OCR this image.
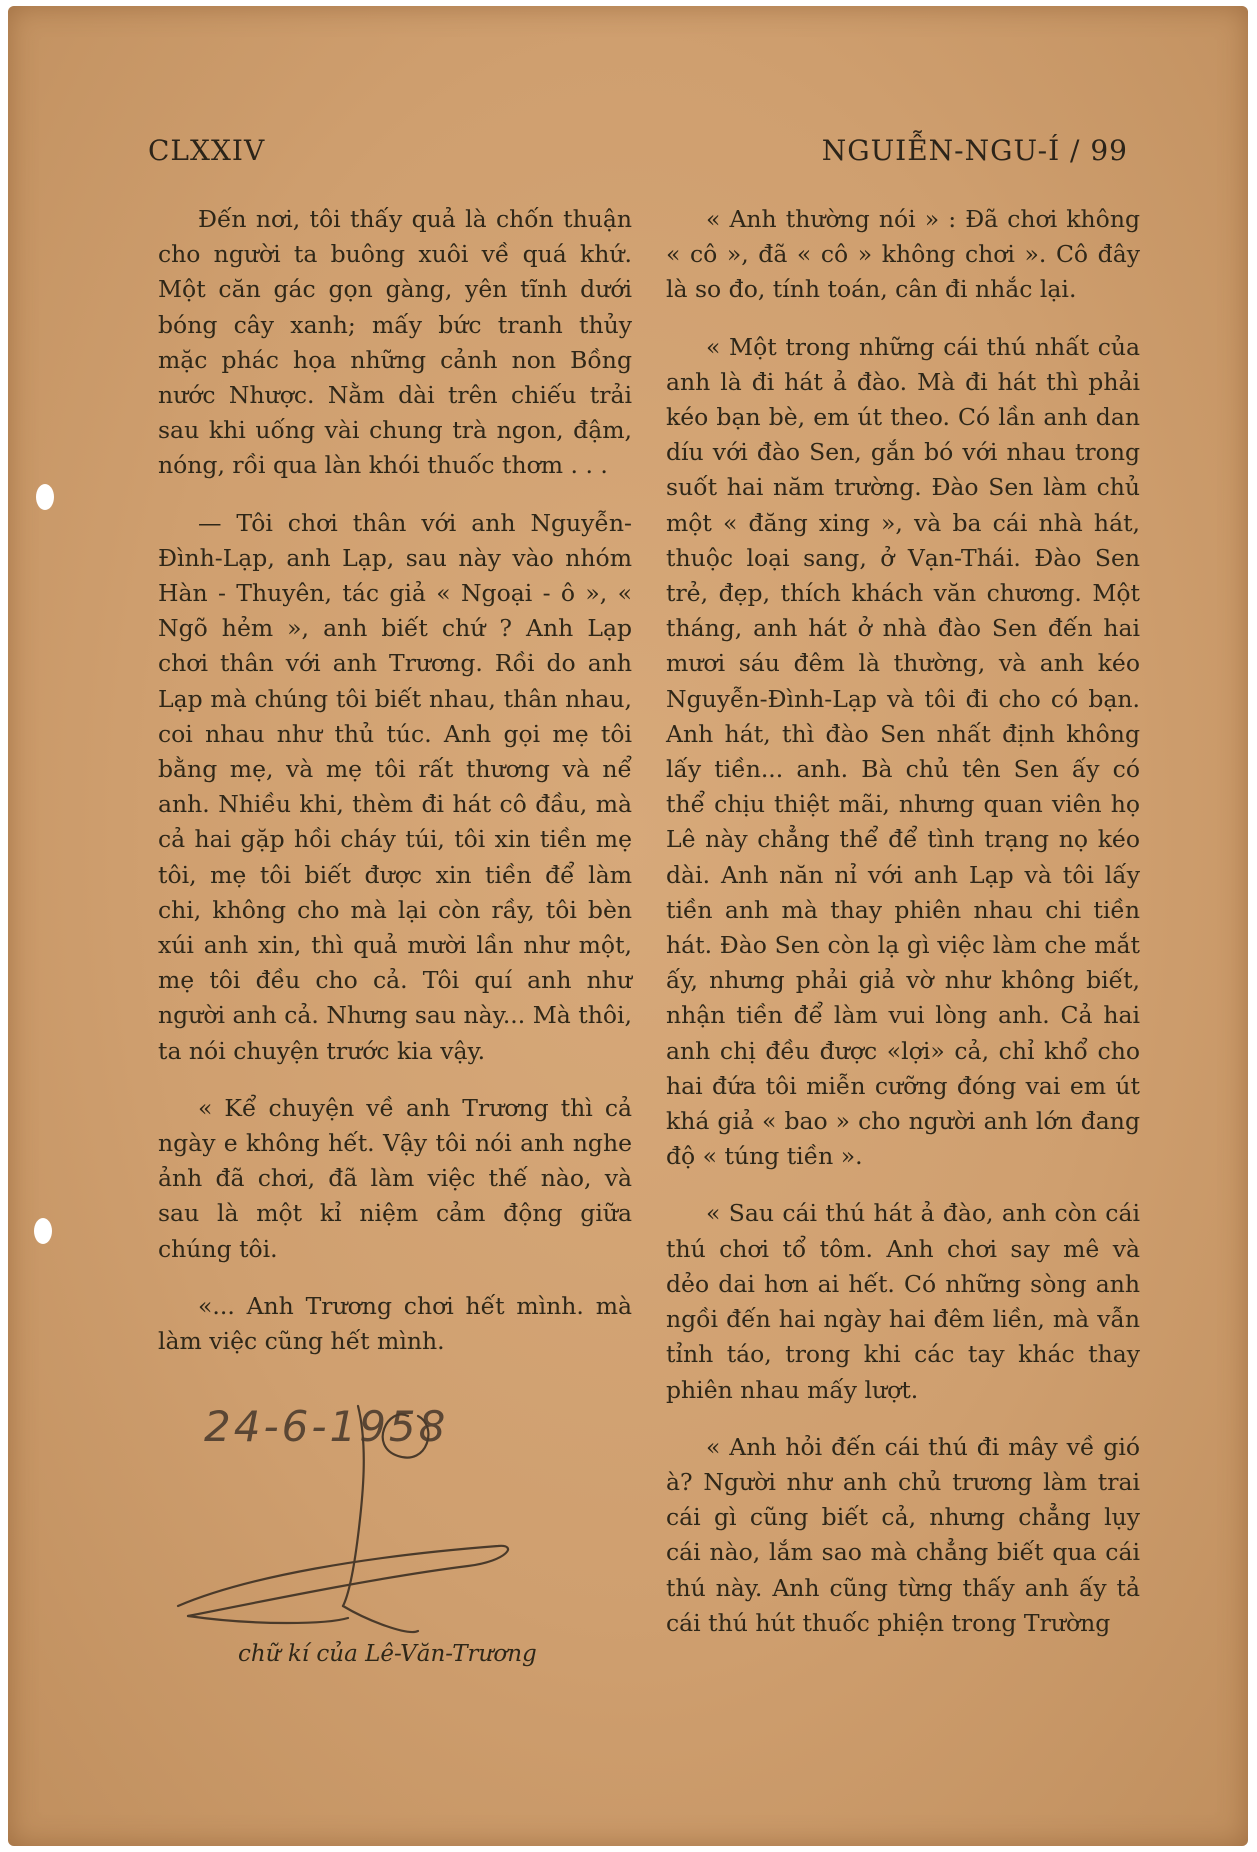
CLXXIV	NGUIỄN-NGU-Í / 99

Đến nơi, tôi thấy quả là chốn thuận cho người ta buông xuôi về quá khứ. Một căn gác gọn gàng, yên tĩnh dưới bóng cây xanh; mấy bức tranh thủy mặc phác họa những cảnh non Bồng nước Nhược. Nằm dài trên chiếu trải sau khi uống vài chung trà ngon, đậm, nóng, rồi qua làn khói thuốc thơm . . .

— Tôi chơi thân với anh Nguyễn-Đình-Lạp, anh Lạp, sau này vào nhóm Hàn - Thuyên, tác giả « Ngoại - ô », « Ngõ hẻm », anh biết chứ ? Anh Lạp chơi thân với anh Trương. Rồi do anh Lạp mà chúng tôi biết nhau, thân nhau, coi nhau như thủ túc. Anh gọi mẹ tôi bằng mẹ, và mẹ tôi rất thương và nể anh. Nhiều khi, thèm đi hát cô đầu, mà cả hai gặp hồi cháy túi, tôi xin tiền mẹ tôi, mẹ tôi biết được xin tiền để làm chi, không cho mà lại còn rầy, tôi bèn xúi anh xin, thì quả mười lần như một, mẹ tôi đều cho cả. Tôi quí anh như người anh cả. Nhưng sau này... Mà thôi, ta nói chuyện trước kia vậy.

« Kể chuyện về anh Trương thì cả ngày e không hết. Vậy tôi nói anh nghe ảnh đã chơi, đã làm việc thế nào, và sau là một kỉ niệm cảm động giữa chúng tôi.

«... Anh Trương chơi hết mình. mà làm việc cũng hết mình.

24-6-1958
chữ kí của Lê-Văn-Trương

« Anh thường nói » : Đã chơi không « cô », đã « cô » không chơi ». Cô đây là so đo, tính toán, cân đi nhắc lại.

« Một trong những cái thú nhất của anh là đi hát ả đào. Mà đi hát thì phải kéo bạn bè, em út theo. Có lần anh dan díu với đào Sen, gắn bó với nhau trong suốt hai năm trường. Đào Sen làm chủ một « đăng xing », và ba cái nhà hát, thuộc loại sang, ở Vạn-Thái. Đào Sen trẻ, đẹp, thích khách văn chương. Một tháng, anh hát ở nhà đào Sen đến hai mươi sáu đêm là thường, và anh kéo Nguyễn-Đình-Lạp và tôi đi cho có bạn. Anh hát, thì đào Sen nhất định không lấy tiền... anh. Bà chủ tên Sen ấy có thể chịu thiệt mãi, nhưng quan viên họ Lê này chẳng thể để tình trạng nọ kéo dài. Anh năn nỉ với anh Lạp và tôi lấy tiền anh mà thay phiên nhau chi tiền hát. Đào Sen còn lạ gì việc làm che mắt ấy, nhưng phải giả vờ như không biết, nhận tiền để làm vui lòng anh. Cả hai anh chị đều được «lợi» cả, chỉ khổ cho hai đứa tôi miễn cưỡng đóng vai em út khá giả « bao » cho người anh lớn đang độ « túng tiền ».

« Sau cái thú hát ả đào, anh còn cái thú chơi tổ tôm. Anh chơi say mê và dẻo dai hơn ai hết. Có những sòng anh ngồi đến hai ngày hai đêm liền, mà vẫn tỉnh táo, trong khi các tay khác thay phiên nhau mấy lượt.

« Anh hỏi đến cái thú đi mây về gió à? Người như anh chủ trương làm trai cái gì cũng biết cả, nhưng chẳng lụy cái nào, lắm sao mà chẳng biết qua cái thú này. Anh cũng từng thấy anh ấy tả cái thú hút thuốc phiện trong Trường
